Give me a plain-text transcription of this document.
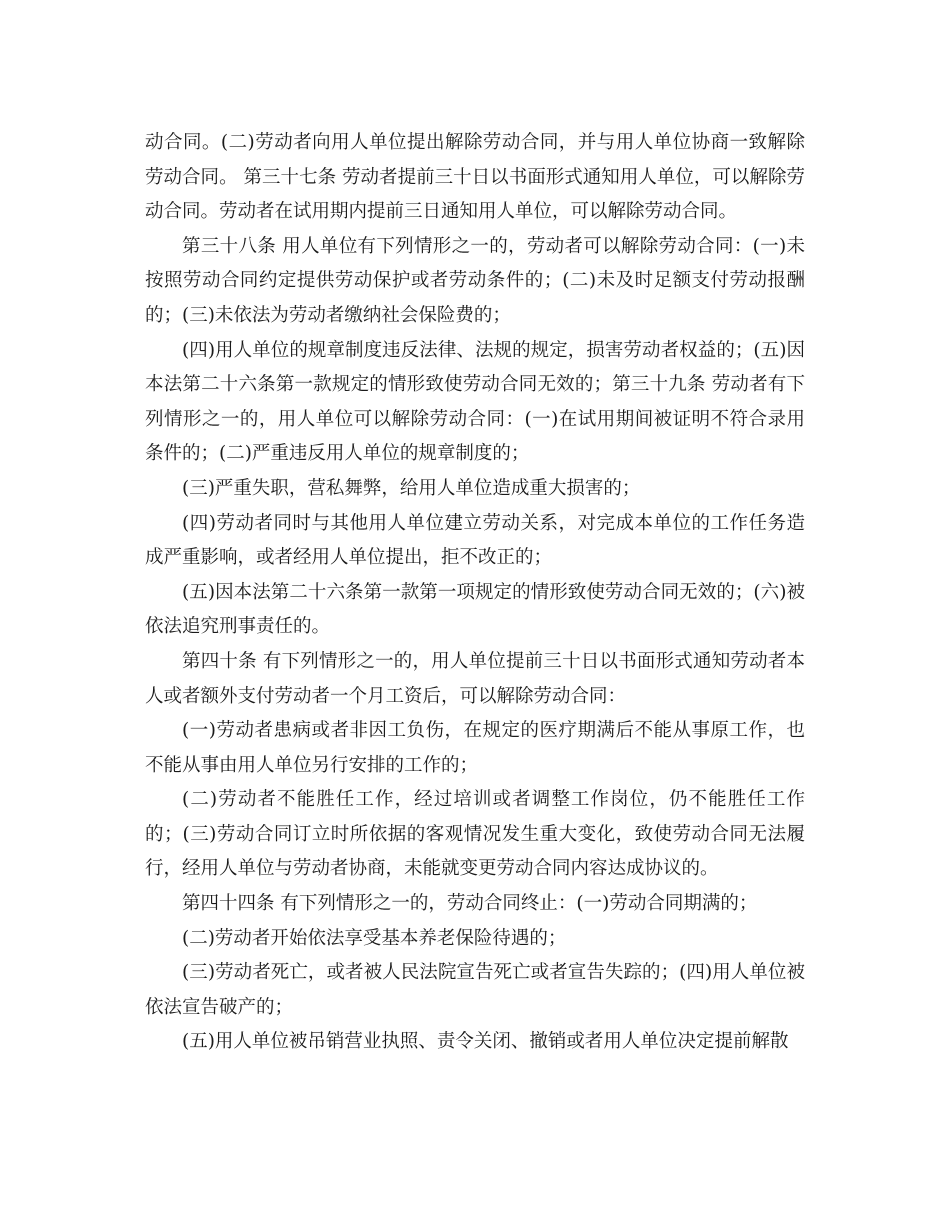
动合同。(二)劳动者向用人单位提出解除劳动合同，并与用人单位协商一致解除劳动合同。 第三十七条 劳动者提前三十日以书面形式通知用人单位，可以解除劳动合同。劳动者在试用期内提前三日通知用人单位，可以解除劳动合同。

第三十八条 用人单位有下列情形之一的，劳动者可以解除劳动合同：(一)未按照劳动合同约定提供劳动保护或者劳动条件的；(二)未及时足额支付劳动报酬的；(三)未依法为劳动者缴纳社会保险费的；

(四)用人单位的规章制度违反法律、法规的规定，损害劳动者权益的；(五)因本法第二十六条第一款规定的情形致使劳动合同无效的；第三十九条 劳动者有下列情形之一的，用人单位可以解除劳动合同：(一)在试用期间被证明不符合录用条件的；(二)严重违反用人单位的规章制度的；

(三)严重失职，营私舞弊，给用人单位造成重大损害的；

(四)劳动者同时与其他用人单位建立劳动关系，对完成本单位的工作任务造成严重影响，或者经用人单位提出，拒不改正的；

(五)因本法第二十六条第一款第一项规定的情形致使劳动合同无效的；(六)被依法追究刑事责任的。

第四十条 有下列情形之一的，用人单位提前三十日以书面形式通知劳动者本人或者额外支付劳动者一个月工资后，可以解除劳动合同：

(一)劳动者患病或者非因工负伤，在规定的医疗期满后不能从事原工作，也不能从事由用人单位另行安排的工作的；

(二)劳动者不能胜任工作，经过培训或者调整工作岗位，仍不能胜任工作的；(三)劳动合同订立时所依据的客观情况发生重大变化，致使劳动合同无法履行，经用人单位与劳动者协商，未能就变更劳动合同内容达成协议的。

第四十四条 有下列情形之一的，劳动合同终止：(一)劳动合同期满的；

(二)劳动者开始依法享受基本养老保险待遇的；

(三)劳动者死亡，或者被人民法院宣告死亡或者宣告失踪的；(四)用人单位被依法宣告破产的；

(五)用人单位被吊销营业执照、责令关闭、撤销或者用人单位决定提前解散
